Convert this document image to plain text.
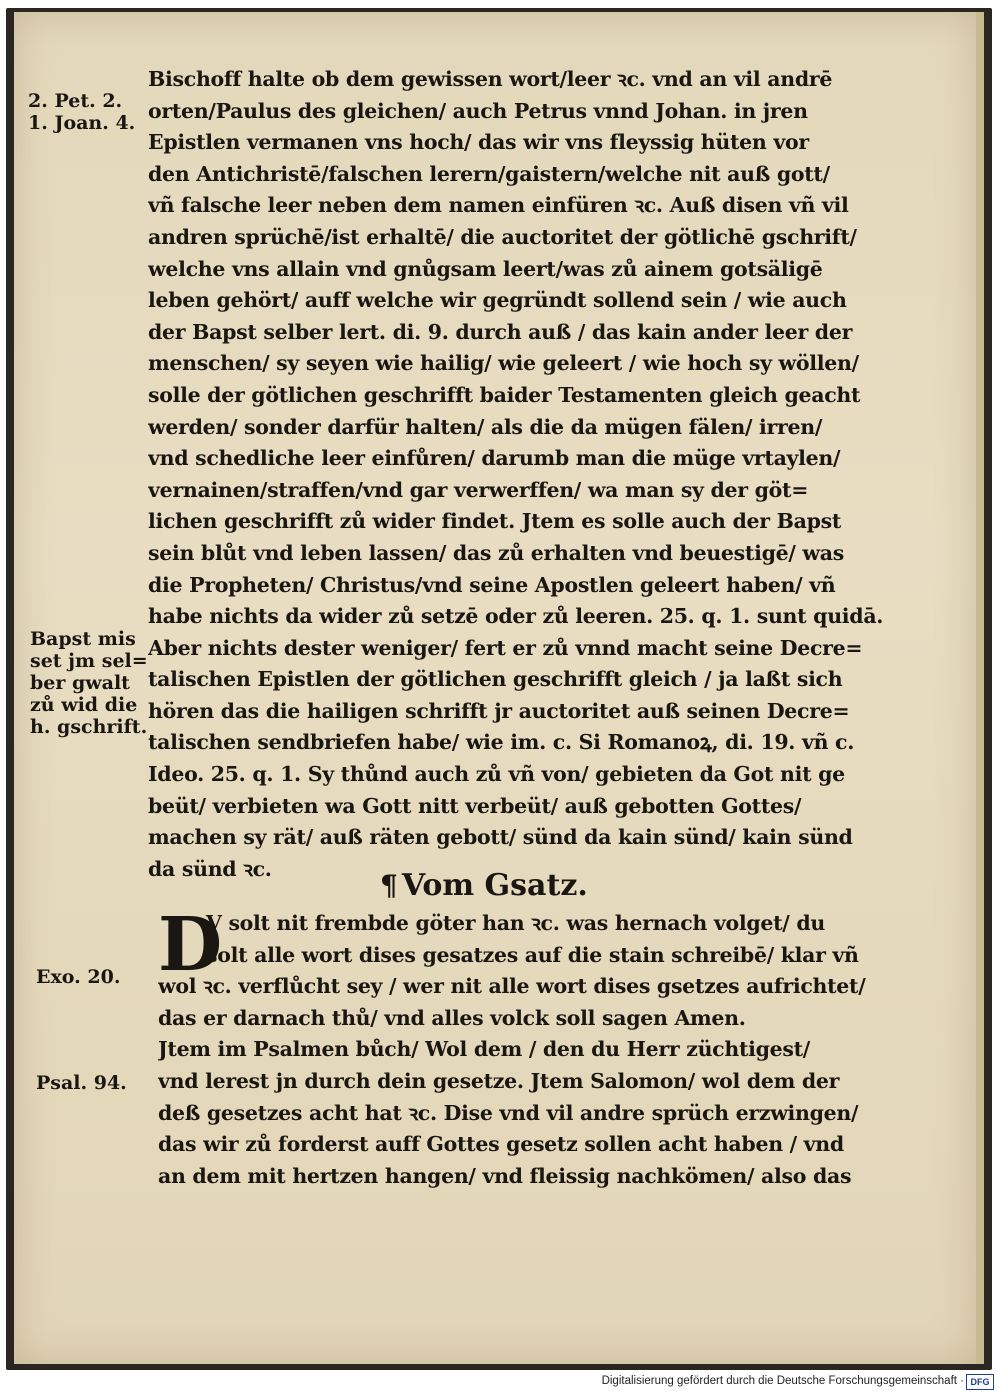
Bischoff halte ob dem gewissen wort/leer ꝛc. vnd an vil andrē
orten/Paulus des gleichen/ auch Petrus vnnd Johan. in jren
Epistlen vermanen vns hoch/ das wir vns fleyssig hüten vor
den Antichristē/falschen lerern/gaistern/welche nit auß gott/
vñ falsche leer neben dem namen einfüren ꝛc. Auß disen vñ vil
andren sprüchē/ist erhaltē/ die auctoritet der götlichē gschrift/
welche vns allain vnd gnůgsam leert/was zů ainem gotsäligē
leben gehört/ auff welche wir gegründt sollend sein / wie auch
der Bapst selber lert. di. 9. durch auß / das kain ander leer der
menschen/ sy seyen wie hailig/ wie geleert / wie hoch sy wöllen/
solle der götlichen geschrifft baider Testamenten gleich geacht
werden/ sonder darfür halten/ als die da mügen fälen/ irren/
vnd schedliche leer einfůren/ darumb man die müge vrtaylen/
vernainen/straffen/vnd gar verwerffen/ wa man sy der göt=
lichen geschrifft zů wider findet. Jtem es solle auch der Bapst
sein blůt vnd leben lassen/ das zů erhalten vnd beuestigē/ was
die Propheten/ Christus/vnd seine Apostlen geleert haben/ vñ
habe nichts da wider zů setzē oder zů leeren. 25. q. 1. sunt quidā.
Aber nichts dester weniger/ fert er zů vnnd macht seine Decre=
talischen Epistlen der götlichen geschrifft gleich / ja laßt sich
hören das die hailigen schrifft jr auctoritet auß seinen Decre=
talischen sendbriefen habe/ wie im. c. Si Romanoꝝ, di. 19. vñ c.
Ideo. 25. q. 1. Sy thůnd auch zů vñ von/ gebieten da Got nit ge
beüt/ verbieten wa Gott nitt verbeüt/ auß gebotten Gottes/
machen sy rät/ auß räten gebott/ sünd da kain sünd/ kain sünd
da sünd ꝛc.
¶ Vom Gsatz.
D
V solt nit frembde göter han ꝛc. was hernach volget/ du
solt alle wort dises gesatzes auf die stain schreibē/ klar vñ
wol ꝛc. verflůcht sey / wer nit alle wort dises gsetzes aufrichtet/
das er darnach thů/ vnd alles volck soll sagen Amen.
Jtem im Psalmen bůch/ Wol dem / den du Herr züchtigest/
vnd lerest jn durch dein gesetze. Jtem Salomon/ wol dem der
deß gesetzes acht hat ꝛc. Dise vnd vil andre sprüch erzwingen/
das wir zů forderst auff Gottes gesetz sollen acht haben / vnd
an dem mit hertzen hangen/ vnd fleissig nachkömen/ also das
2. Pet. 2.
1. Joan. 4.
Bapst mis
set jm sel=
ber gwalt
zů wid die
h. gschrift.
Exo. 20.
Psal. 94.
Digitalisierung gefördert durch die Deutsche Forschungsgemeinschaft · DFG
